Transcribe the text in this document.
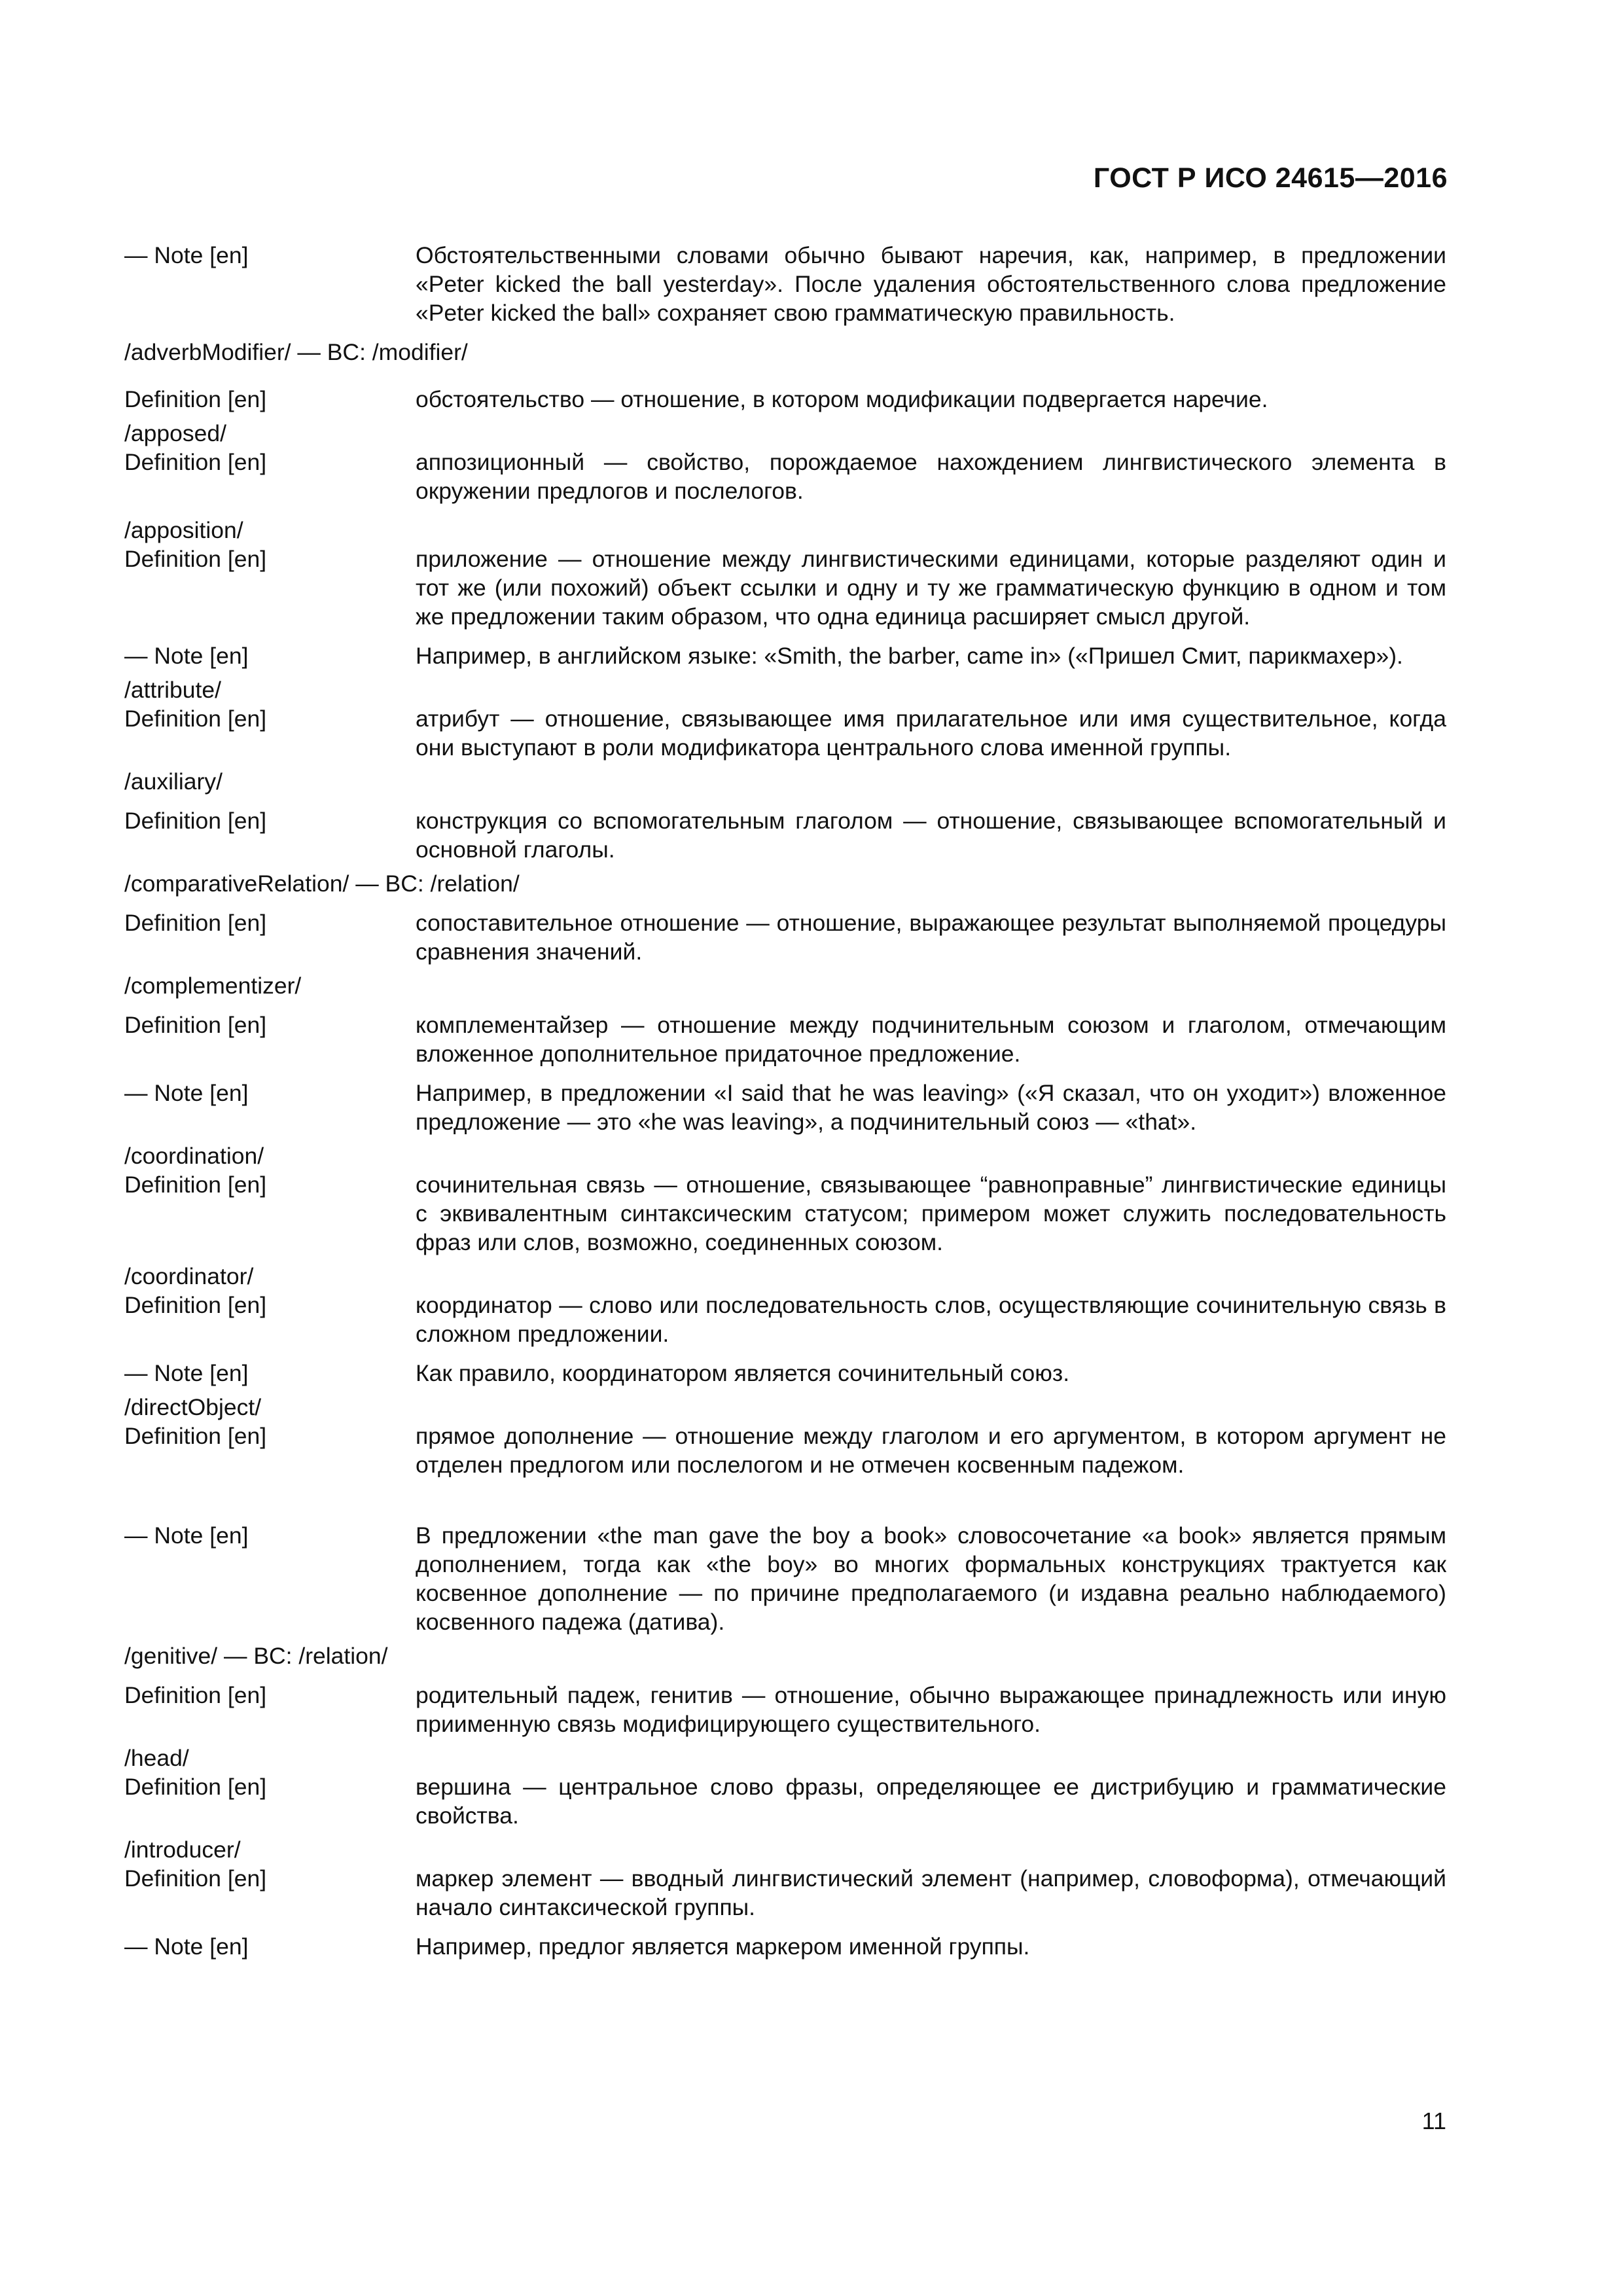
ГОСТ Р ИСО 24615—2016
— Note [en]	Обстоятельственными словами обычно бывают наречия, как, например, в предложении «Peter kicked the ball yesterday». После удаления обстоятельственного слова предложение «Peter kicked the ball» сохраняет свою грамматическую правильность.
/adverbModifier/ — BC: /modifier/
Definition [en]	обстоятельство — отношение, в котором модификации подвергается наречие.
/apposed/
Definition [en]	аппозиционный — свойство, порождаемое нахождением лингвистического элемента в окружении предлогов и послелогов.
/apposition/
Definition [en]	приложение — отношение между лингвистическими единицами, которые разделяют один и тот же (или похожий) объект ссылки и одну и ту же грамматическую функцию в одном и том же предложении таким образом, что одна единица расширяет смысл другой.
— Note [en]	Например, в английском языке: «Smith, the barber, came in» («Пришел Смит, парикмахер»).
/attribute/
Definition [en]	атрибут — отношение, связывающее имя прилагательное или имя существительное, когда они выступают в роли модификатора центрального слова именной группы.
/auxiliary/
Definition [en]	конструкция со вспомогательным глаголом — отношение, связывающее вспомогательный и основной глаголы.
/comparativeRelation/ — BC: /relation/
Definition [en]	сопоставительное отношение — отношение, выражающее результат выполняемой процедуры сравнения значений.
/complementizer/
Definition [en]	комплементайзер — отношение между подчинительным союзом и глаголом, отмечающим вложенное дополнительное придаточное предложение.
— Note [en]	Например, в предложении «I said that he was leaving» («Я сказал, что он уходит») вложенное предложение — это «he was leaving», а подчинительный союз — «that».
/coordination/
Definition [en]	сочинительная связь — отношение, связывающее “равноправные” лингвистические единицы с эквивалентным синтаксическим статусом; примером может служить последовательность фраз или слов, возможно, соединенных союзом.
/coordinator/
Definition [en]	координатор — слово или последовательность слов, осуществляющие сочинительную связь в сложном предложении.
— Note [en]	Как правило, координатором является сочинительный союз.
/directObject/
Definition [en]	прямое дополнение — отношение между глаголом и его аргументом, в котором аргумент не отделен предлогом или послелогом и не отмечен косвенным падежом.
— Note [en]	В предложении «the man gave the boy a book» словосочетание «a book» является прямым дополнением, тогда как «the boy» во многих формальных конструкциях трактуется как косвенное дополнение — по причине предполагаемого (и издавна реально наблюдаемого) косвенного падежа (датива).
/genitive/ — BC: /relation/
Definition [en]	родительный падеж, генитив — отношение, обычно выражающее принадлежность или иную приименную связь модифицирующего существительного.
/head/
Definition [en]	вершина — центральное слово фразы, определяющее ее дистрибуцию и грамматические свойства.
/introducer/
Definition [en]	маркер элемент — вводный лингвистический элемент (например, словоформа), отмечающий начало синтаксической группы.
— Note [en]	Например, предлог является маркером именной группы.
11
